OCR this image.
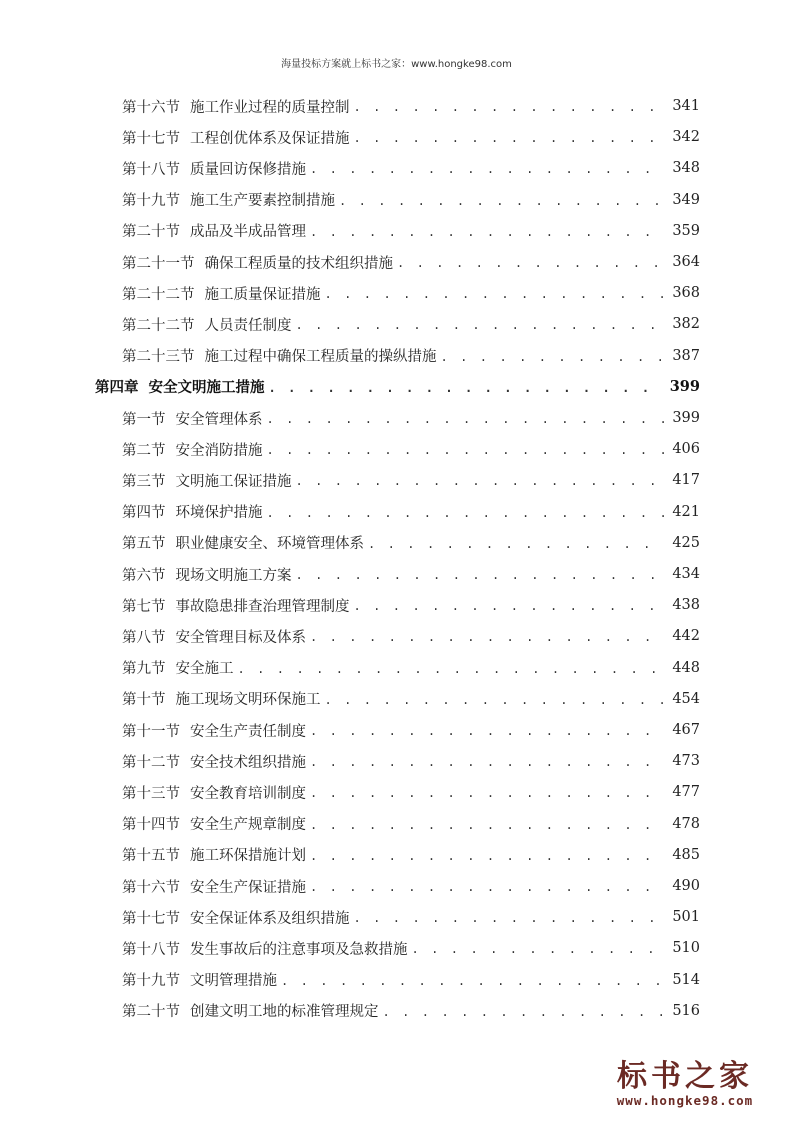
海量投标方案就上标书之家：www.hongke98.com
第十六节 施工作业过程的质量控制 . . .	341
第十七节 工程创优体系及保证措施 . . .	342
第十八节 质量回访保修措施 . . .	348
第十九节 施工生产要素控制措施 . . .	349
第二十节 成品及半成品管理 . . .	359
第二十一节 确保工程质量的技术组织措施 . . .	364
第二十二节 施工质量保证措施 . . .	368
第二十二节 人员责任制度 . . .	382
第二十三节 施工过程中确保工程质量的操纵措施 . . .	387
第四章 安全文明施工措施 . . .	399
第一节 安全管理体系 . . .	399
第二节 安全消防措施 . . .	406
第三节 文明施工保证措施 . . .	417
第四节 环境保护措施 . . .	421
第五节 职业健康安全、环境管理体系 . . .	425
第六节 现场文明施工方案 . . .	434
第七节 事故隐患排查治理管理制度 . . .	438
第八节 安全管理目标及体系 . . .	442
第九节 安全施工 . . .	448
第十节 施工现场文明环保施工 . . .	454
第十一节 安全生产责任制度 . . .	467
第十二节 安全技术组织措施 . . .	473
第十三节 安全教育培训制度 . . .	477
第十四节 安全生产规章制度 . . .	478
第十五节 施工环保措施计划 . . .	485
第十六节 安全生产保证措施 . . .	490
第十七节 安全保证体系及组织措施 . . .	501
第十八节 发生事故后的注意事项及急救措施 . . .	510
第十九节 文明管理措施 . . .	514
第二十节 创建文明工地的标准管理规定 . . .	516
标书之家
www.hongke98.com
